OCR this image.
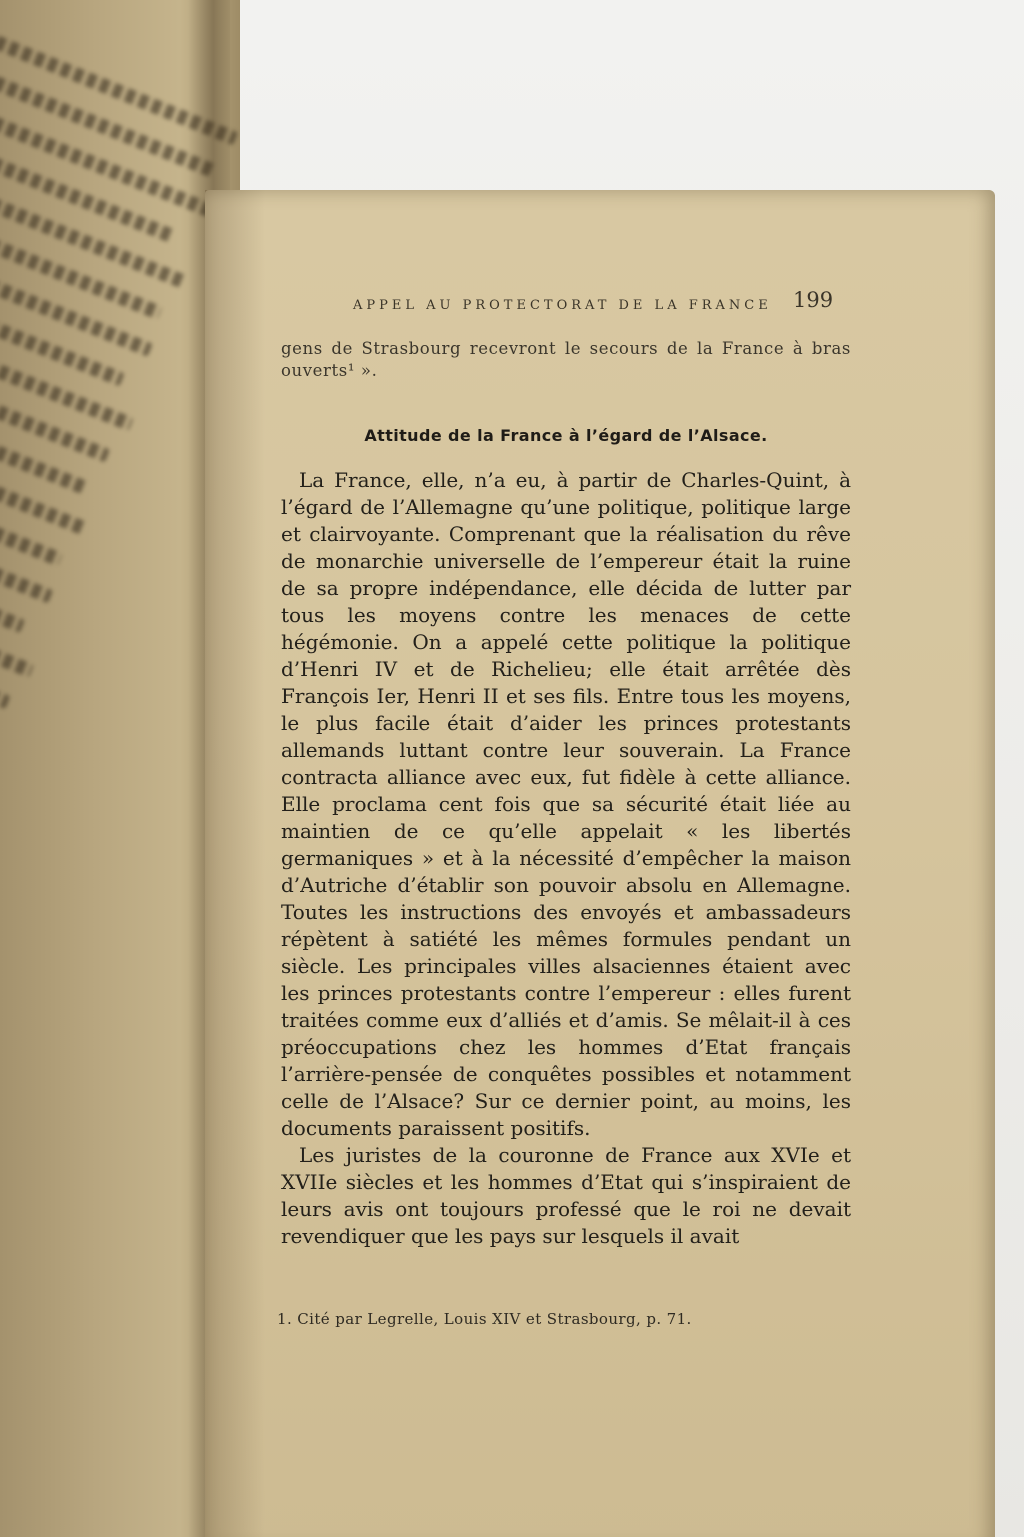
APPEL AU PROTECTORAT DE LA FRANCE	199

gens de Strasbourg recevront le secours de la France à bras ouverts¹ ».

Attitude de la France à l’égard de l’Alsace.

La France, elle, n’a eu, à partir de Charles-Quint, à l’égard de l’Allemagne qu’une politique, politique large et clairvoyante. Comprenant que la réalisation du rêve de monarchie universelle de l’empereur était la ruine de sa propre indépendance, elle décida de lutter par tous les moyens contre les menaces de cette hégémonie. On a appelé cette politique la politique d’Henri IV et de Richelieu; elle était arrêtée dès François Ier, Henri II et ses fils. Entre tous les moyens, le plus facile était d’aider les princes protestants allemands luttant contre leur souverain. La France contracta alliance avec eux, fut fidèle à cette alliance. Elle proclama cent fois que sa sécurité était liée au maintien de ce qu’elle appelait « les libertés germaniques » et à la nécessité d’empêcher la maison d’Autriche d’établir son pouvoir absolu en Allemagne. Toutes les instructions des envoyés et ambassadeurs répètent à satiété les mêmes formules pendant un siècle. Les principales villes alsaciennes étaient avec les princes protestants contre l’empereur : elles furent traitées comme eux d’alliés et d’amis. Se mêlait-il à ces préoccupations chez les hommes d’Etat français l’arrière-pensée de conquêtes possibles et notamment celle de l’Alsace? Sur ce dernier point, au moins, les documents paraissent positifs.

Les juristes de la couronne de France aux XVIe et XVIIe siècles et les hommes d’Etat qui s’inspiraient de leurs avis ont toujours professé que le roi ne devait revendiquer que les pays sur lesquels il avait

1. Cité par Legrelle, Louis XIV et Strasbourg, p. 71.
